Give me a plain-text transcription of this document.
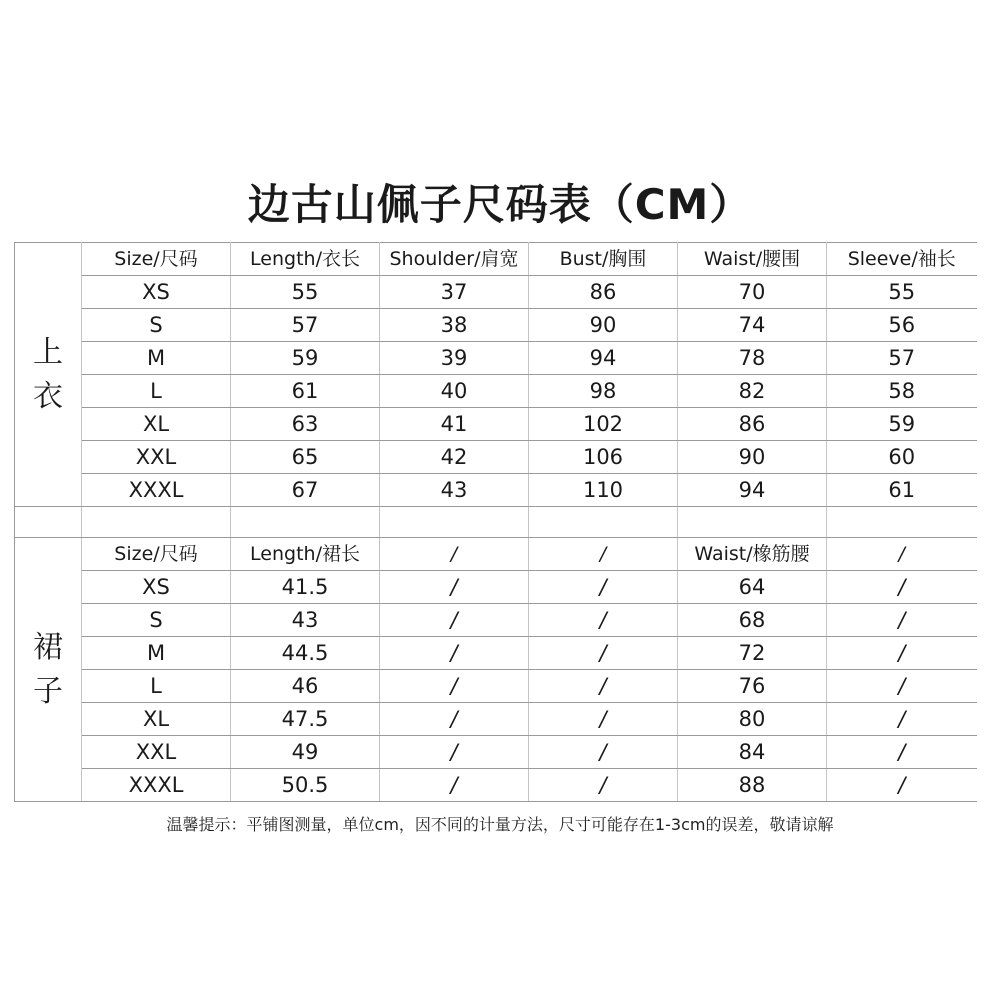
边古山佩子尺码表（CM）
上
衣	Size/尺码	Length/衣长	Shoulder/肩宽	Bust/胸围	Waist/腰围	Sleeve/袖长
	XS	55	37	86	70	55
	S	57	38	90	74	56
	M	59	39	94	78	57
	L	61	40	98	82	58
	XL	63	41	102	86	59
	XXL	65	42	106	90	60
	XXXL	67	43	110	94	61

裙
子	Size/尺码	Length/裙长	/	/	Waist/橡筋腰	/
	XS	41.5	/	/	64	/
	S	43	/	/	68	/
	M	44.5	/	/	72	/
	L	46	/	/	76	/
	XL	47.5	/	/	80	/
	XXL	49	/	/	84	/
	XXXL	50.5	/	/	88	/
温馨提示：平铺图测量，单位cm，因不同的计量方法，尺寸可能存在1-3cm的误差，敬请谅解
